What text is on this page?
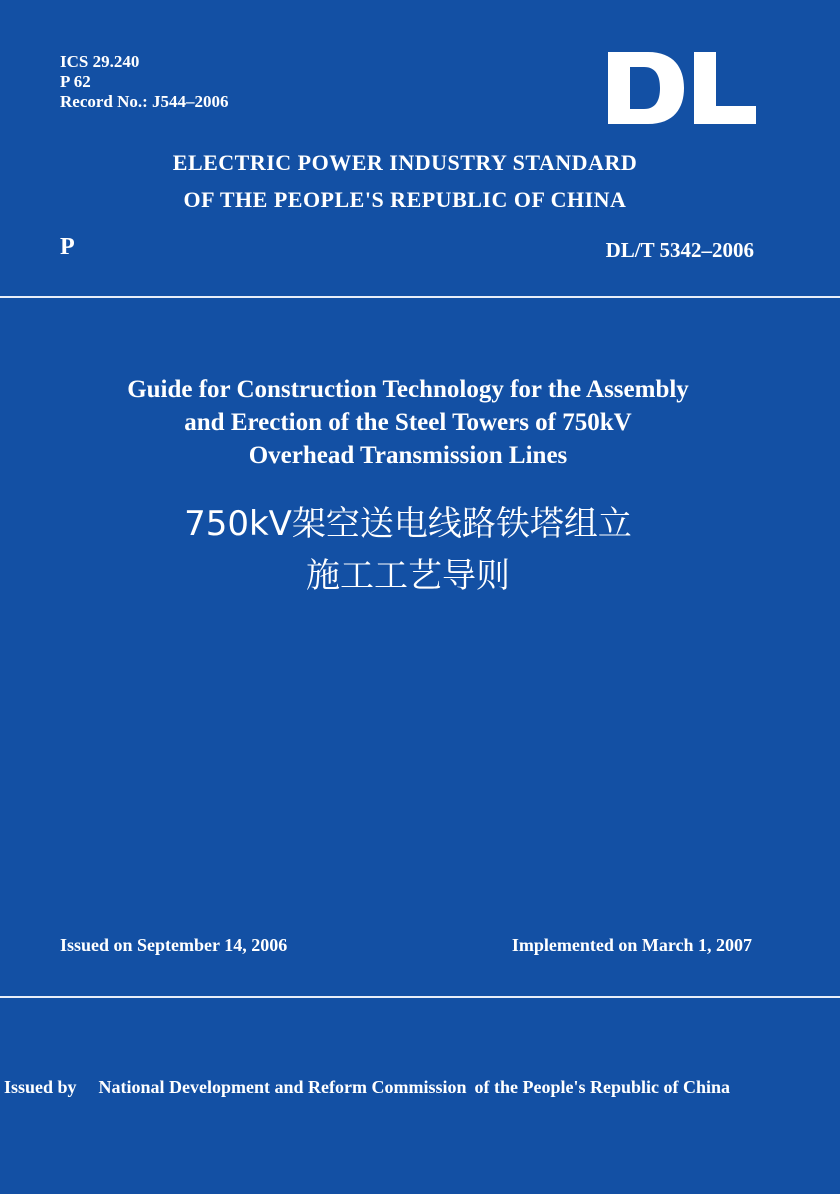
ICS 29.240
P 62
Record No.: J544–2006
ELECTRIC POWER INDUSTRY STANDARD
OF THE PEOPLE'S REPUBLIC OF CHINA
P	DL/T 5342–2006
Guide for Construction Technology for the Assembly
and Erection of the Steel Towers of 750kV
Overhead Transmission Lines
750kV架空送电线路铁塔组立
施工工艺导则
Issued on September 14, 2006	Implemented on March 1, 2007
Issued by National Development and Reform Commission of the People's Republic of China
